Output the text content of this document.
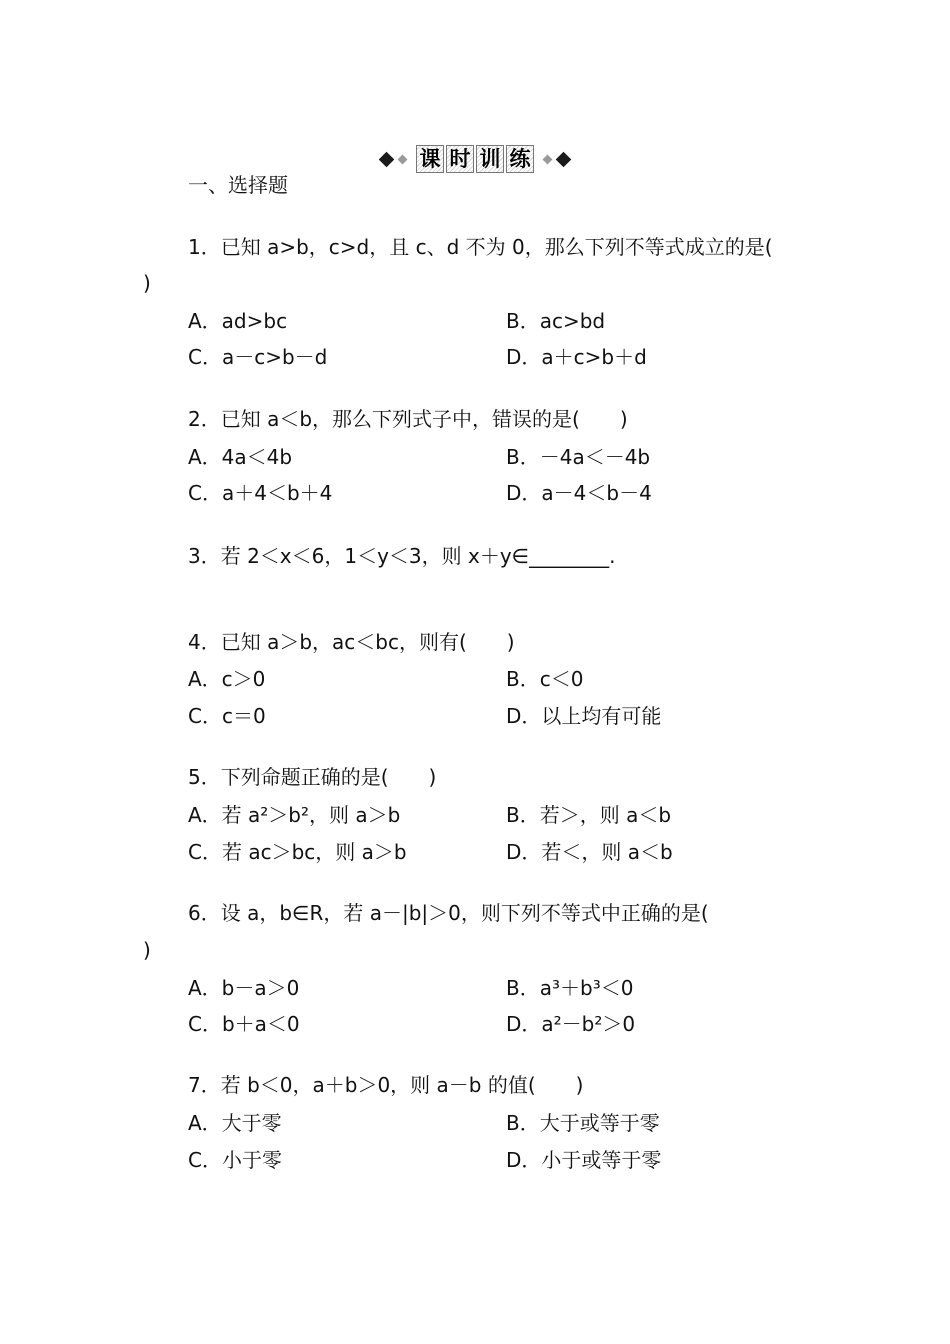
课 时 训 练
一、选择题
1．已知 a>b，c>d，且 c、d 不为 0，那么下列不等式成立的是(
)
A．ad>bc	B．ac>bd
C．a－c>b－d	D．a＋c>b＋d
2．已知 a＜b，那么下列式子中，错误的是(　　)
A．4a＜4b	B．－4a＜－4b
C．a＋4＜b＋4	D．a－4＜b－4
3．若 2＜x＜6，1＜y＜3，则 x＋y∈________.
4．已知 a＞b，ac＜bc，则有(　　)
A．c＞0	B．c＜0
C．c＝0	D．以上均有可能
5．下列命题正确的是(　　)
A．若 a²＞b²，则 a＞b	B．若＞，则 a＜b
C．若 ac＞bc，则 a＞b	D．若＜，则 a＜b
6．设 a，b∈R，若 a－|b|＞0，则下列不等式中正确的是(
)
A．b－a＞0	B．a³＋b³＜0
C．b＋a＜0	D．a²－b²＞0
7．若 b＜0，a＋b＞0，则 a－b 的值(　　)
A．大于零	B．大于或等于零
C．小于零	D．小于或等于零
